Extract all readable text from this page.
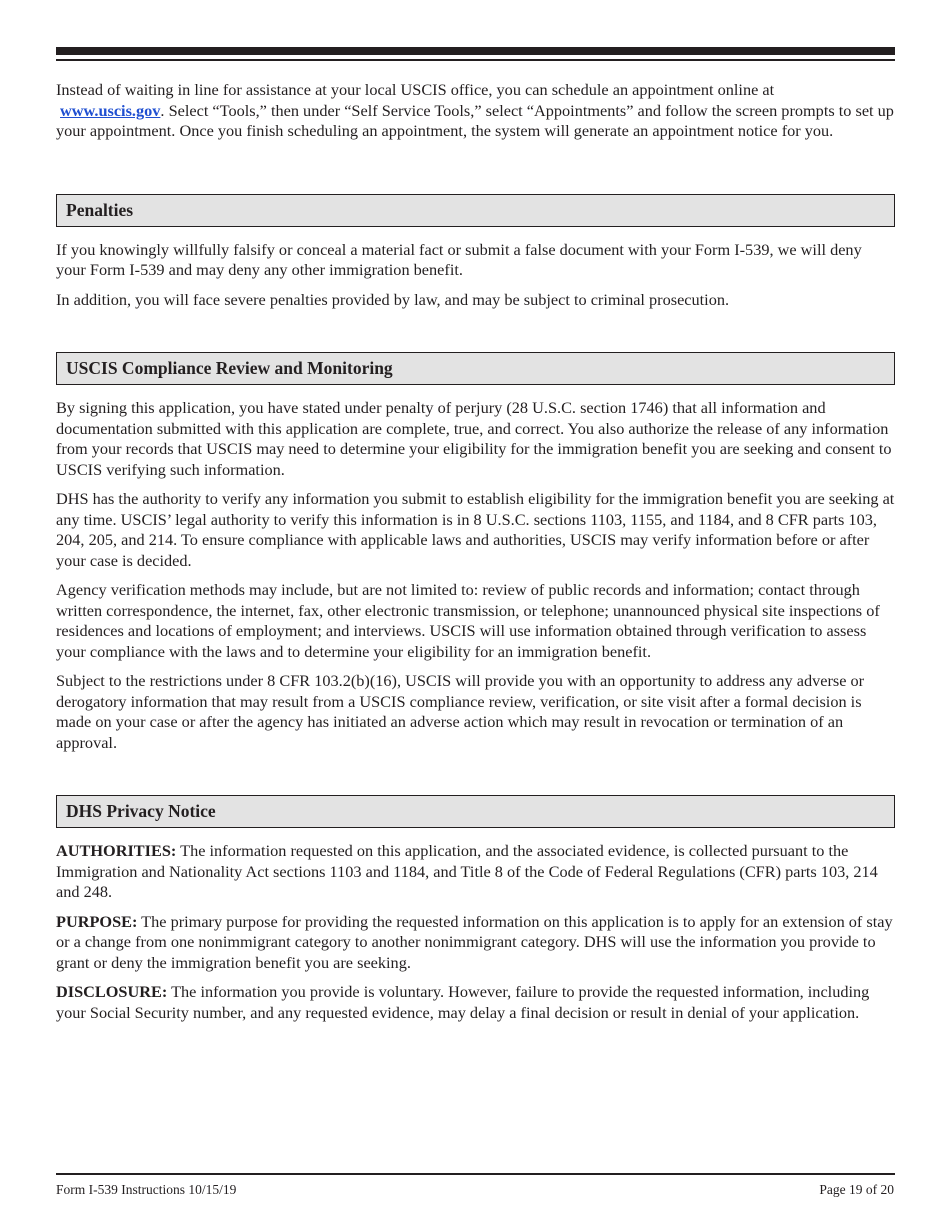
Instead of waiting in line for assistance at your local USCIS office, you can schedule an appointment online at
www.uscis.gov. Select “Tools,” then under “Self Service Tools,” select “Appointments” and follow the screen prompts to set up your appointment. Once you finish scheduling an appointment, the system will generate an appointment notice for you.

Penalties

If you knowingly willfully falsify or conceal a material fact or submit a false document with your Form I-539, we will deny your Form I-539 and may deny any other immigration benefit.

In addition, you will face severe penalties provided by law, and may be subject to criminal prosecution.

USCIS Compliance Review and Monitoring

By signing this application, you have stated under penalty of perjury (28 U.S.C. section 1746) that all information and documentation submitted with this application are complete, true, and correct. You also authorize the release of any information from your records that USCIS may need to determine your eligibility for the immigration benefit you are seeking and consent to USCIS verifying such information.

DHS has the authority to verify any information you submit to establish eligibility for the immigration benefit you are seeking at any time. USCIS’ legal authority to verify this information is in 8 U.S.C. sections 1103, 1155, and 1184, and 8 CFR parts 103, 204, 205, and 214. To ensure compliance with applicable laws and authorities, USCIS may verify information before or after your case is decided.

Agency verification methods may include, but are not limited to: review of public records and information; contact through written correspondence, the internet, fax, other electronic transmission, or telephone; unannounced physical site inspections of residences and locations of employment; and interviews. USCIS will use information obtained through verification to assess your compliance with the laws and to determine your eligibility for an immigration benefit.

Subject to the restrictions under 8 CFR 103.2(b)(16), USCIS will provide you with an opportunity to address any adverse or derogatory information that may result from a USCIS compliance review, verification, or site visit after a formal decision is made on your case or after the agency has initiated an adverse action which may result in revocation or termination of an approval.

DHS Privacy Notice

AUTHORITIES: The information requested on this application, and the associated evidence, is collected pursuant to the Immigration and Nationality Act sections 1103 and 1184, and Title 8 of the Code of Federal Regulations (CFR) parts 103, 214 and 248.

PURPOSE: The primary purpose for providing the requested information on this application is to apply for an extension of stay or a change from one nonimmigrant category to another nonimmigrant category. DHS will use the information you provide to grant or deny the immigration benefit you are seeking.

DISCLOSURE: The information you provide is voluntary. However, failure to provide the requested information, including your Social Security number, and any requested evidence, may delay a final decision or result in denial of your application.

Form I-539 Instructions 10/15/19	Page 19 of 20
